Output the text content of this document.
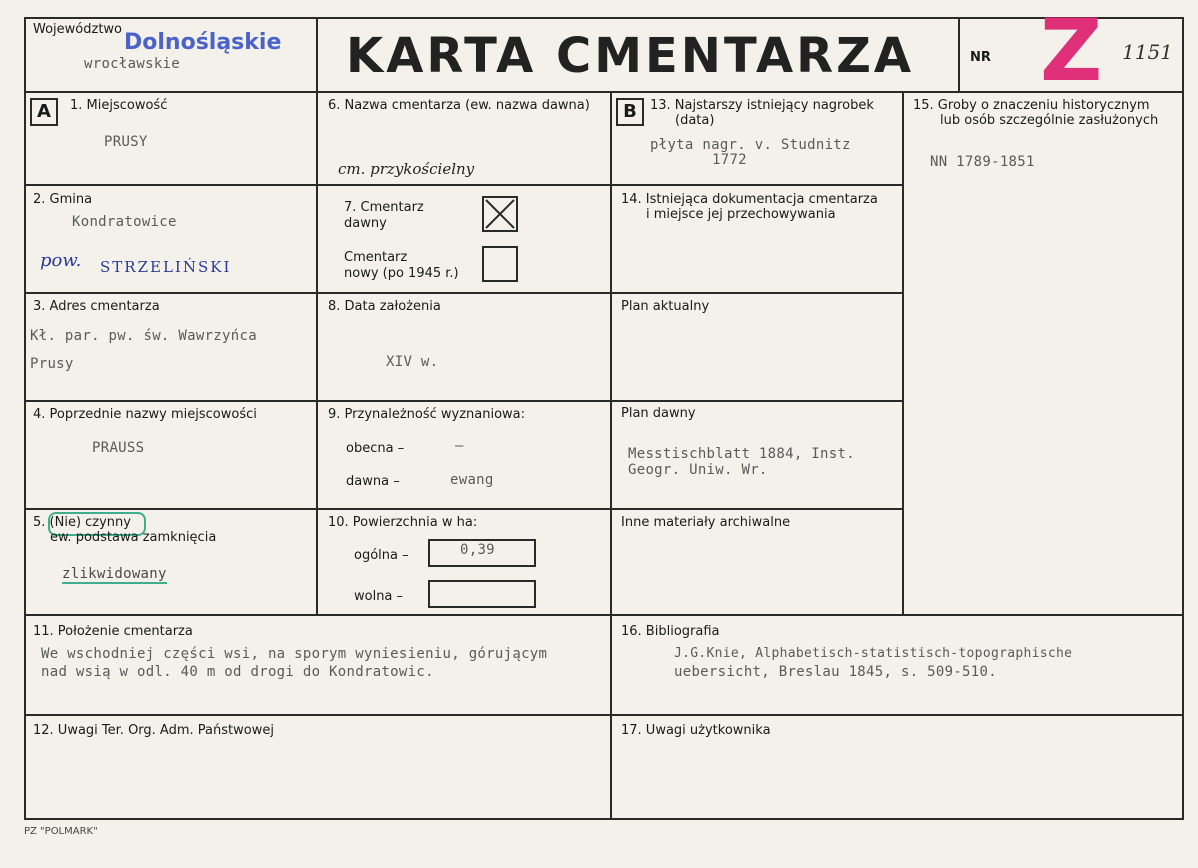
Województwo
Dolnośląskie
wrocławskie	KARTA CMENTARZA	NR Z 1151
A	1. Miejscowość
PRUSY
2. Gmina
Kondratowice
pow. STRZELIŃSKI
3. Adres cmentarza
Kł. par. pw. św. Wawrzyńca
Prusy
4. Poprzednie nazwy miejscowości
PRAUSS
5. (Nie) czynny
ew. podstawa zamknięcia
zlikwidowany
6. Nazwa cmentarza (ew. nazwa dawna)
cm. przykościelny
7. Cmentarz
dawny
Cmentarz
nowy (po 1945 r.)
8. Data założenia
XIV w.
9. Przynależność wyznaniowa:
obecna –	–
dawna –	ewang
10. Powierzchnia w ha:
ogólna –	0,39
wolna –
B	13. Najstarszy istniejący nagrobek
(data)
płyta nagr. v. Studnitz
1772
14. Istniejąca dokumentacja cmentarza
i miejsce jej przechowywania
Plan aktualny
Plan dawny
Messtischblatt 1884, Inst.
Geogr. Uniw. Wr.
Inne materiały archiwalne
15. Groby o znaczeniu historycznym
lub osób szczególnie zasłużonych
NN 1789-1851
11. Położenie cmentarza
We wschodniej części wsi, na sporym wyniesieniu, górującym
nad wsią w odl. 40 m od drogi do Kondratowic.
16. Bibliografia
J.G.Knie, Alphabetisch-statistisch-topographische
uebersicht, Breslau 1845, s. 509-510.
12. Uwagi Ter. Org. Adm. Państwowej	17. Uwagi użytkownika
PZ "POLMARK"
